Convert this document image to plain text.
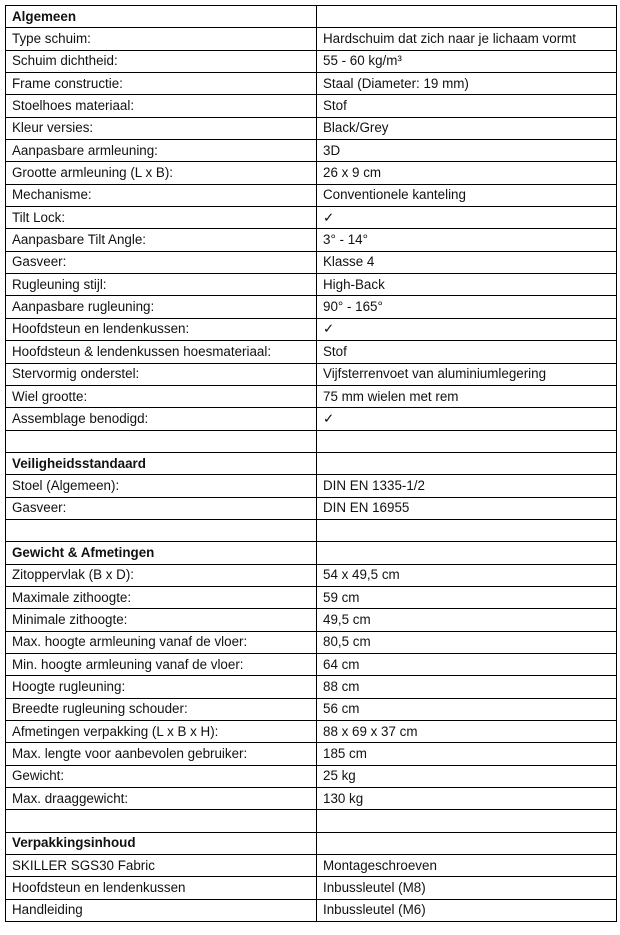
Algemeen	
Type schuim:	Hardschuim dat zich naar je lichaam vormt
Schuim dichtheid:	55 - 60 kg/m³
Frame constructie:	Staal (Diameter: 19 mm)
Stoelhoes materiaal:	Stof
Kleur versies:	Black/Grey
Aanpasbare armleuning:	3D
Grootte armleuning (L x B):	26 x 9 cm
Mechanisme:	Conventionele kanteling
Tilt Lock:	✓
Aanpasbare Tilt Angle:	3° - 14°
Gasveer:	Klasse 4
Rugleuning stijl:	High-Back
Aanpasbare rugleuning:	90° - 165°
Hoofdsteun en lendenkussen:	✓
Hoofdsteun & lendenkussen hoesmateriaal:	Stof
Stervormig onderstel:	Vijfsterrenvoet van aluminiumlegering
Wiel grootte:	75 mm wielen met rem
Assemblage benodigd:	✓

Veiligheidsstandaard	
Stoel (Algemeen):	DIN EN 1335-1/2
Gasveer:	DIN EN 16955

Gewicht & Afmetingen	
Zitoppervlak (B x D):	54 x 49,5 cm
Maximale zithoogte:	59 cm
Minimale zithoogte:	49,5 cm
Max. hoogte armleuning vanaf de vloer:	80,5 cm
Min. hoogte armleuning vanaf de vloer:	64 cm
Hoogte rugleuning:	88 cm
Breedte rugleuning schouder:	56 cm
Afmetingen verpakking (L x B x H):	88 x 69 x 37 cm
Max. lengte voor aanbevolen gebruiker:	185 cm
Gewicht:	25 kg
Max. draaggewicht:	130 kg

Verpakkingsinhoud	
SKILLER SGS30 Fabric	Montageschroeven
Hoofdsteun en lendenkussen	Inbussleutel (M8)
Handleiding	Inbussleutel (M6)
